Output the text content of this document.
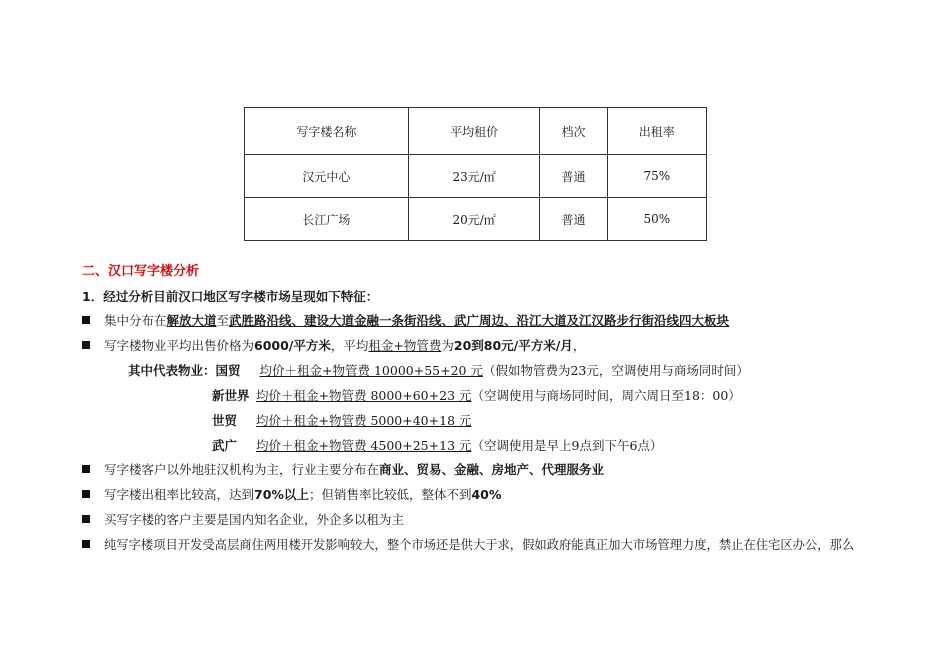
写字楼名称	平均租价	档次	出租率
汉元中心	23元/㎡	普通	75%
长江广场	20元/㎡	普通	50%
二、汉口写字楼分析
1．经过分析目前汉口地区写字楼市场呈现如下特征：
集中分布在解放大道至武胜路沿线、建设大道金融一条街沿线、武广周边、沿江大道及江汉路步行街沿线四大板块
写字楼物业平均出售价格为6000/平方米，平均租金+物管费为20到80元/平方米/月，
其中代表物业：国贸 均价＋租金+物管费 10000+55+20 元（假如物管费为23元，空调使用与商场同时间）
新世界 均价＋租金+物管费 8000+60+23 元（空调使用与商场同时间，周六周日至18：00）
世贸 均价＋租金+物管费 5000+40+18 元
武广 均价＋租金+物管费 4500+25+13 元（空调使用是早上9点到下午6点）
写字楼客户以外地驻汉机构为主，行业主要分布在商业、贸易、金融、房地产、代理服务业
写字楼出租率比较高，达到70%以上；但销售率比较低，整体不到40%
买写字楼的客户主要是国内知名企业，外企多以租为主
纯写字楼项目开发受高层商住两用楼开发影响较大，整个市场还是供大于求，假如政府能真正加大市场管理力度，禁止在住宅区办公，那么
